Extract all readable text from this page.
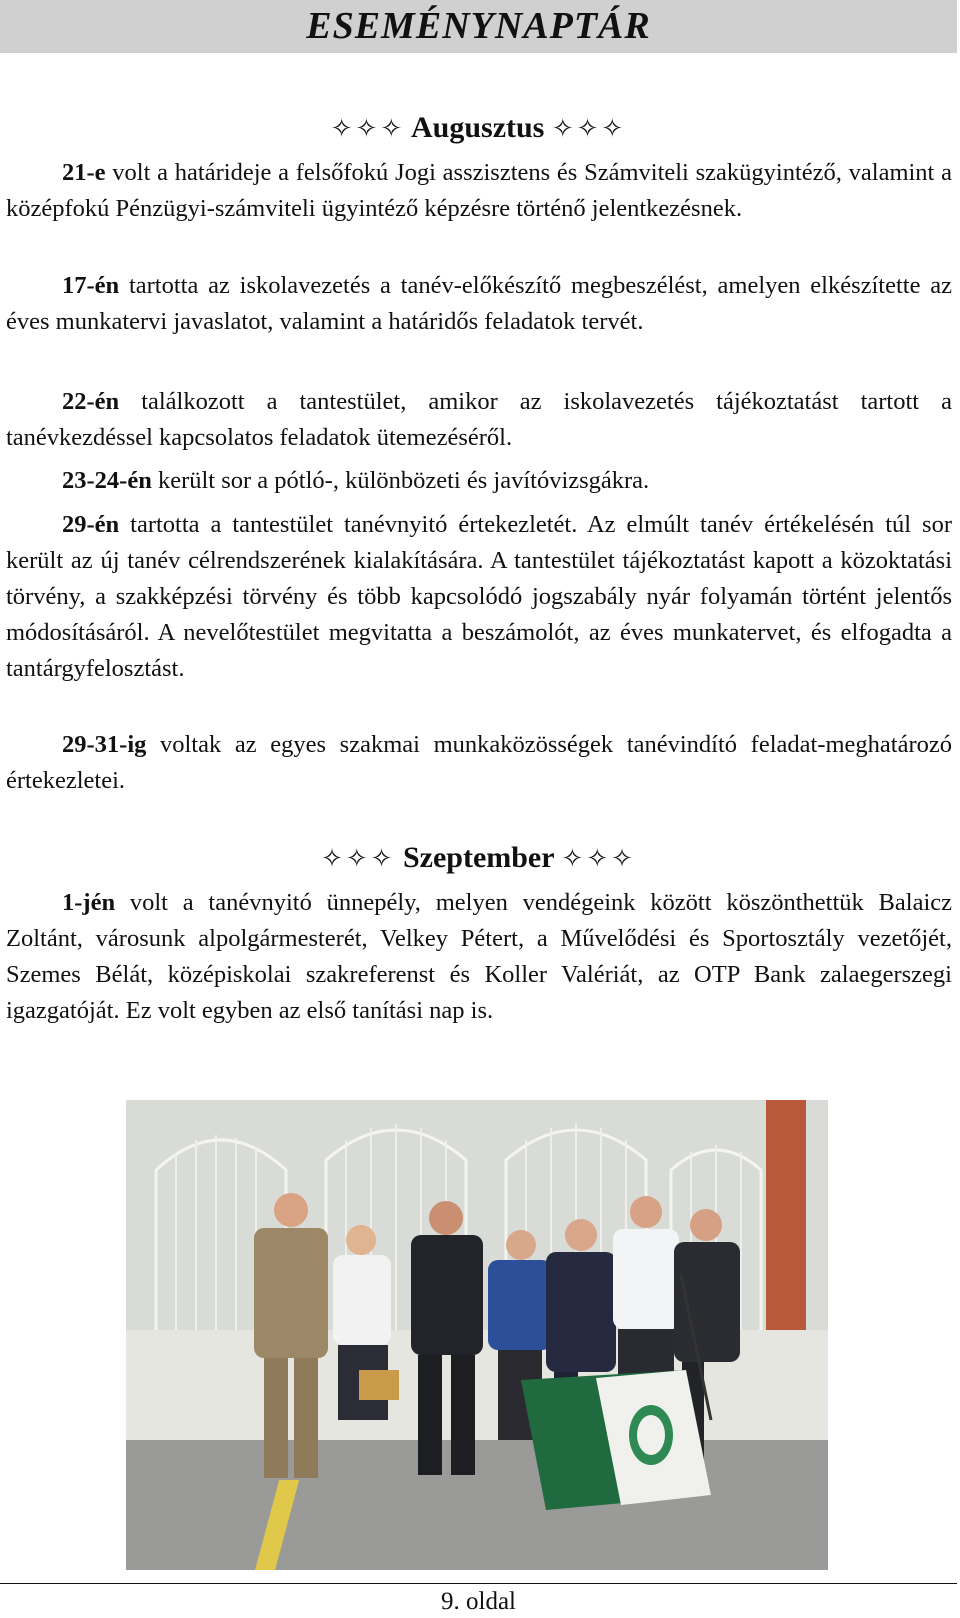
ESEMÉNYNAPTÁR
✧✧✧ Augusztus ✧✧✧

21-e volt a határideje a felsőfokú Jogi asszisztens és Számviteli szakügyintéző, valamint a középfokú Pénzügyi-számviteli ügyintéző képzésre történő jelentkezésnek.

17-én tartotta az iskolavezetés a tanév-előkészítő megbeszélést, amelyen elkészítette az éves munkatervi javaslatot, valamint a határidős feladatok tervét.

22-én találkozott a tantestület, amikor az iskolavezetés tájékoztatást tartott a tanévkezdéssel kapcsolatos feladatok ütemezéséről.

23-24-én került sor a pótló-, különbözeti és javítóvizsgákra.

29-én tartotta a tantestület tanévnyitó értekezletét. Az elmúlt tanév értékelésén túl sor került az új tanév célrendszerének kialakítására. A tantestület tájékoztatást kapott a közoktatási törvény, a szakképzési törvény és több kapcsolódó jogszabály nyár folyamán történt jelentős módosításáról. A nevelőtestület megvitatta a beszámolót, az éves munkatervet, és elfogadta a tantárgyfelosztást.

29-31-ig voltak az egyes szakmai munkaközösségek tanévindító feladat-meghatározó értekezletei.

✧✧✧ Szeptember ✧✧✧

1-jén volt a tanévnyitó ünnepély, melyen vendégeink között köszönthettük Balaicz Zoltánt, városunk alpolgármesterét, Velkey Pétert, a Művelődési és Sportosztály vezetőjét, Szemes Bélát, középiskolai szakreferenst és Koller Valériát, az OTP Bank zalaegerszegi igazgatóját. Ez volt egyben az első tanítási nap is.

9. oldal
